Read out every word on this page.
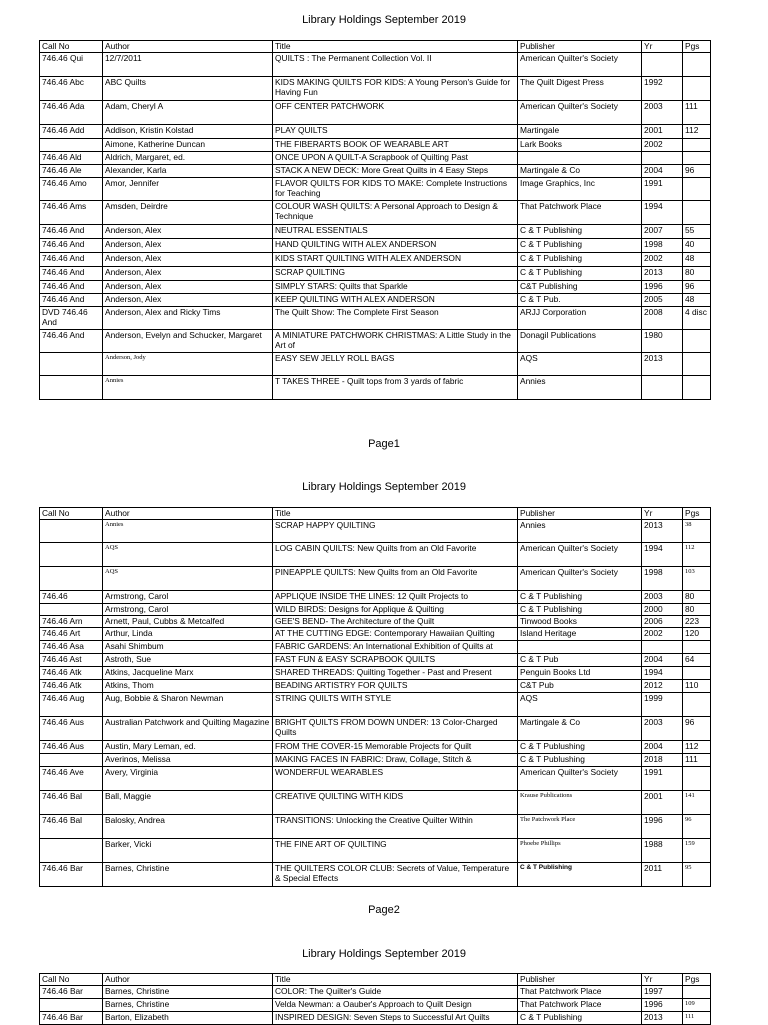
Library Holdings September 2019
Call No	Author	Title	Publisher	Yr	Pgs
746.46 Qui	12/7/2011	QUILTS : The Permanent Collection Vol. II	American Quilter's Society		
746.46 Abc	ABC Quilts	KIDS MAKING QUILTS FOR KIDS: A Young Person's Guide for Having Fun	The Quilt Digest Press	1992	
746.46 Ada	Adam, Cheryl A	OFF CENTER PATCHWORK	American Quilter's Society	2003	111
746.46 Add	Addison, Kristin Kolstad	PLAY QUILTS	Martingale	2001	112
	Aimone, Katherine Duncan	THE FIBERARTS BOOK OF WEARABLE ART	Lark Books	2002	
746.46 Ald	Aldrich, Margaret, ed.	ONCE UPON A QUILT-A Scrapbook of Quilting Past			
746.46 Ale	Alexander, Karla	STACK A NEW DECK: More Great Quilts in 4 Easy Steps	Martingale & Co	2004	96
746.46 Amo	Amor, Jennifer	FLAVOR QUILTS FOR KIDS TO MAKE: Complete Instructions for Teaching	Image Graphics, Inc	1991	
746.46 Ams	Amsden, Deirdre	COLOUR WASH QUILTS: A Personal Approach to Design & Technique	That Patchwork Place	1994	
746.46 And	Anderson, Alex	NEUTRAL ESSENTIALS	C & T Publishing	2007	55
746.46 And	Anderson, Alex	HAND QUILTING WITH ALEX ANDERSON	C & T Publishing	1998	40
746.46 And	Anderson, Alex	KIDS START QUILTING WITH ALEX ANDERSON	C & T Publishing	2002	48
746.46 And	Anderson, Alex	SCRAP QUILTING	C & T Publishing	2013	80
746.46 And	Anderson, Alex	SIMPLY STARS: Quilts that Sparkle	C&T Publishing	1996	96
746.46 And	Anderson, Alex	KEEP QUILTING WITH ALEX ANDERSON	C & T Pub.	2005	48
DVD 746.46 And	Anderson, Alex and Ricky Tims	The Quilt Show: The Complete First Season	ARJJ Corporation	2008	4 disc
746.46 And	Anderson, Evelyn and Schucker, Margaret	A MINIATURE PATCHWORK CHRISTMAS: A Little Study in the Art of	Donagil Publications	1980	
	Anderson, Jody	EASY SEW JELLY ROLL BAGS	AQS	2013	
	Annies	T TAKES THREE - Quilt tops from 3 yards of fabric	Annies		
Page1
Library Holdings September 2019
Call No	Author	Title	Publisher	Yr	Pgs
	Annies	SCRAP HAPPY QUILTING	Annies	2013	38
	AQS	LOG CABIN QUILTS: New Quilts from an Old Favorite	American Quilter's Society	1994	112
	AQS	PINEAPPLE QUILTS: New Quilts from an Old Favorite	American Quilter's Society	1998	103
746.46	Armstrong, Carol	APPLIQUE INSIDE THE LINES: 12 Quilt Projects to	C & T Publishing	2003	80
	Armstrong, Carol	WILD BIRDS: Designs for Applique & Quilting	C & T Publishing	2000	80
746.46 Arn	Arnett, Paul, Cubbs & Metcalfed	GEE'S BEND- The Architecture of the Quilt	Tinwood Books	2006	223
746.46 Art	Arthur, Linda	AT THE CUTTING EDGE: Contemporary Hawaiian Quilting	Island Heritage	2002	120
746.46 Asa	Asahi Shimbum	FABRIC GARDENS: An International Exhibition of Quilts at			
746.46 Ast	Astroth, Sue	FAST FUN & EASY SCRAPBOOK QUILTS	C & T Pub	2004	64
746.46 Atk	Atkins, Jacqueline Marx	SHARED THREADS: Quilting Together - Past and Present	Penguin Books Ltd	1994	
746.46 Atk	Atkins, Thom	BEADING ARTISTRY FOR QUILTS	C&T Pub	2012	110
746.46 Aug	Aug, Bobbie & Sharon Newman	STRING QUILTS WITH STYLE	AQS	1999	
746.46 Aus	Australian Patchwork and Quilting Magazine	BRIGHT QUILTS FROM DOWN UNDER: 13 Color-Charged Quilts	Martingale & Co	2003	96
746.46 Aus	Austin, Mary Leman, ed.	FROM THE COVER-15 Memorable Projects for Quilt	C & T Publushing	2004	112
	Averinos, Melissa	MAKING FACES IN FABRIC: Draw, Collage, Stitch &	C & T Publushing	2018	111
746.46 Ave	Avery, Virginia	WONDERFUL WEARABLES	American Quilter's Society	1991	
746.46 Bal	Ball, Maggie	CREATIVE QUILTING WITH KIDS	Krause Publications	2001	141
746.46 Bal	Balosky, Andrea	TRANSITIONS: Unlocking the Creative Quilter Within	The Patchwork Place	1996	96
	Barker, Vicki	THE FINE ART OF QUILTING	Phoebe Phillips	1988	159
746.46 Bar	Barnes, Christine	THE QUILTERS COLOR CLUB: Secrets of Value, Temperature & Special Effects	C & T Publishing	2011	95
Page2
Library Holdings September 2019
Call No	Author	Title	Publisher	Yr	Pgs
746.46 Bar	Barnes, Christine	COLOR: The Quilter's Guide	That Patchwork Place	1997	
	Barnes, Christine	Velda Newman: a Oauber's Approach to Quilt Design	That Patchwork Place	1996	109
746.46 Bar	Barton, Elizabeth	INSPIRED DESIGN: Seven Steps to Successful Art Quilts	C & T Publishing	2013	111
